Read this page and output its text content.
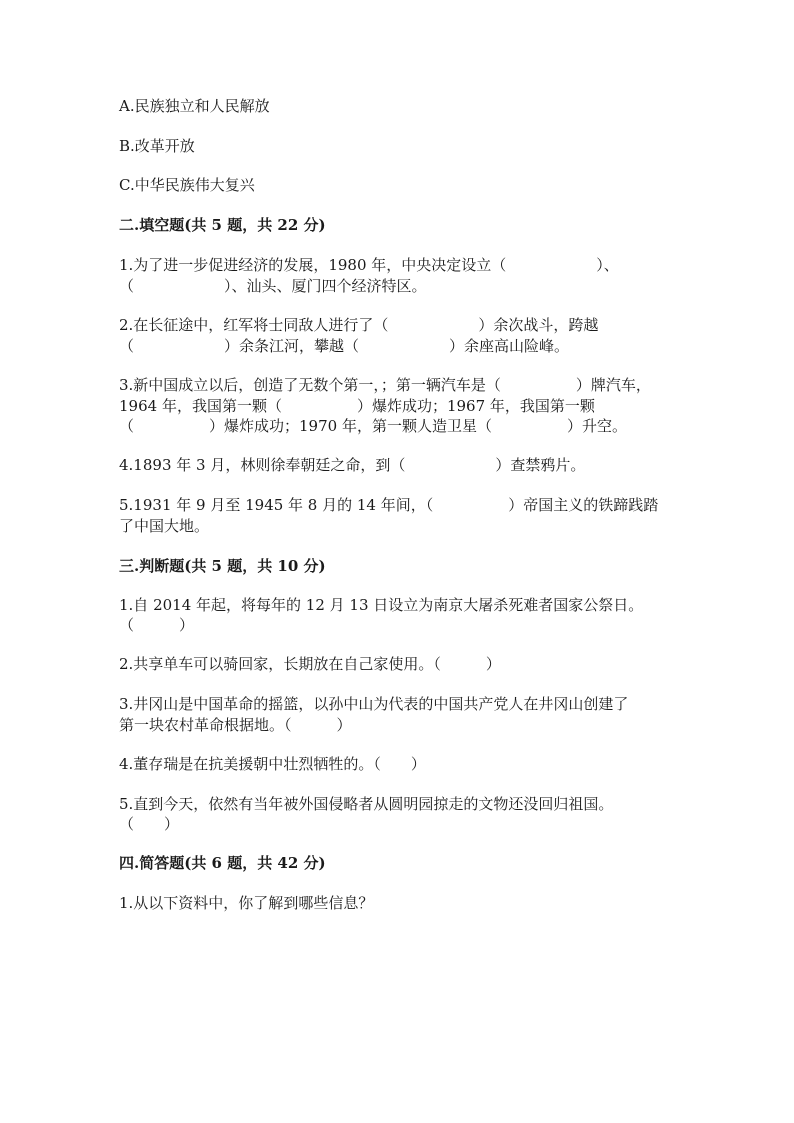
A.民族独立和人民解放
B.改革开放
C.中华民族伟大复兴
二.填空题(共 5 题，共 22 分)
1.为了进一步促进经济的发展，1980 年，中央决定设立（　　　　　　）、
（　　　　　　）、汕头、厦门四个经济特区。
2.在长征途中，红军将士同敌人进行了（　　　　　　）余次战斗，跨越
（　　　　　　）余条江河，攀越（　　　　　　）余座高山险峰。
3.新中国成立以后，创造了无数个第一，；第一辆汽车是（　　　　　）牌汽车，
1964 年，我国第一颗（　　　　　）爆炸成功；1967 年，我国第一颗
（　　　　　）爆炸成功；1970 年，第一颗人造卫星（　　　　　）升空。
4.1893 年 3 月，林则徐奉朝廷之命，到（　　　　　　）查禁鸦片。
5.1931 年 9 月至 1945 年 8 月的 14 年间，（　　　　　）帝国主义的铁蹄践踏
了中国大地。
三.判断题(共 5 题，共 10 分)
1.自 2014 年起，将每年的 12 月 13 日设立为南京大屠杀死难者国家公祭日。
（　　　）
2.共享单车可以骑回家，长期放在自己家使用。（　　　）
3.井冈山是中国革命的摇篮，以孙中山为代表的中国共产党人在井冈山创建了
第一块农村革命根据地。（　　　）
4.董存瑞是在抗美援朝中壮烈牺牲的。（　　）
5.直到今天，依然有当年被外国侵略者从圆明园掠走的文物还没回归祖国。
（　　）
四.简答题(共 6 题，共 42 分)
1.从以下资料中，你了解到哪些信息？
